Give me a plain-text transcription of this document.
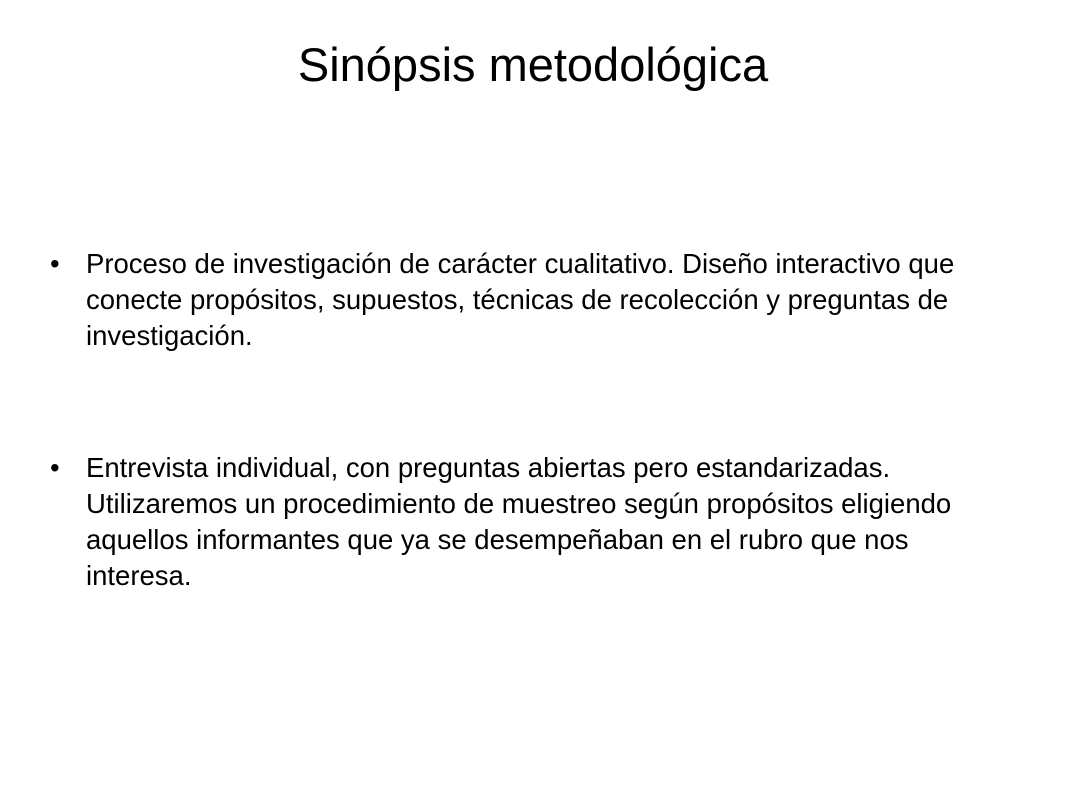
Sinópsis metodológica
• Proceso de investigación de carácter cualitativo. Diseño interactivo que conecte propósitos, supuestos, técnicas de recolección y preguntas de investigación.
• Entrevista individual, con preguntas abiertas pero estandarizadas. Utilizaremos un procedimiento de muestreo según propósitos eligiendo aquellos informantes que ya se desempeñaban en el rubro que nos interesa.
